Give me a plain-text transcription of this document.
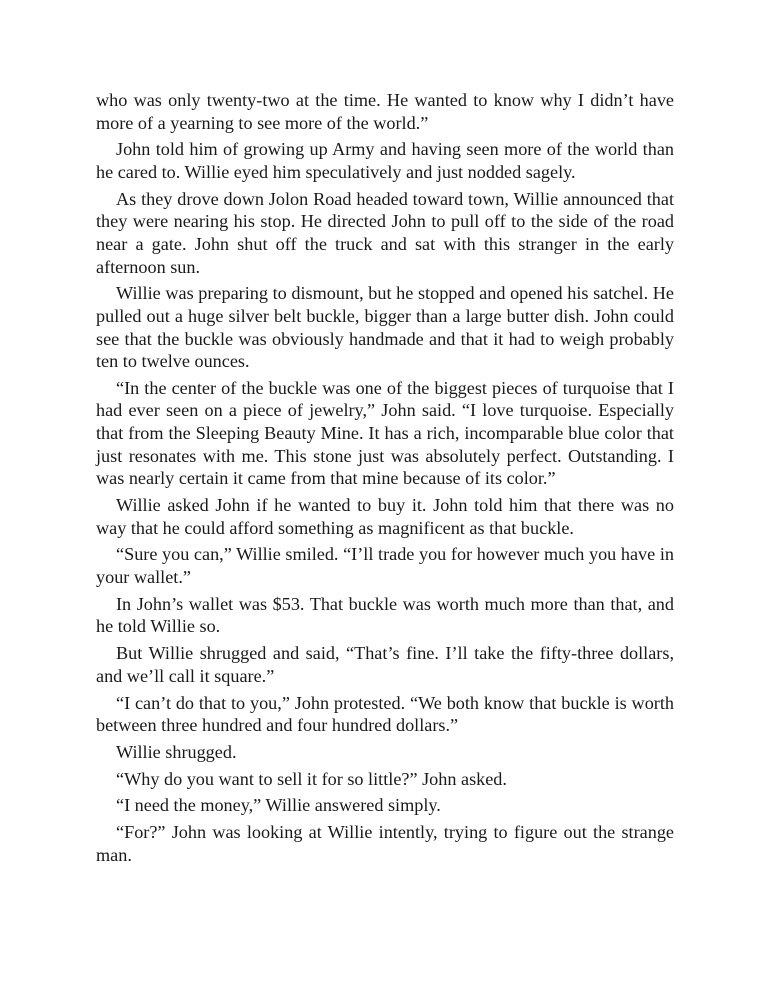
who was only twenty-two at the time. He wanted to know why I didn’t have more of a yearning to see more of the world.”

John told him of growing up Army and having seen more of the world than he cared to. Willie eyed him speculatively and just nodded sagely.

As they drove down Jolon Road headed toward town, Willie announced that they were nearing his stop. He directed John to pull off to the side of the road near a gate. John shut off the truck and sat with this stranger in the early afternoon sun.

Willie was preparing to dismount, but he stopped and opened his satchel. He pulled out a huge silver belt buckle, bigger than a large butter dish. John could see that the buckle was obviously handmade and that it had to weigh probably ten to twelve ounces.

“In the center of the buckle was one of the biggest pieces of turquoise that I had ever seen on a piece of jewelry,” John said. “I love turquoise. Especially that from the Sleeping Beauty Mine. It has a rich, incomparable blue color that just resonates with me. This stone just was absolutely perfect. Outstanding. I was nearly certain it came from that mine because of its color.”

Willie asked John if he wanted to buy it. John told him that there was no way that he could afford something as magnificent as that buckle.

“Sure you can,” Willie smiled. “I’ll trade you for however much you have in your wallet.”

In John’s wallet was $53. That buckle was worth much more than that, and he told Willie so.

But Willie shrugged and said, “That’s fine. I’ll take the fifty-three dollars, and we’ll call it square.”

“I can’t do that to you,” John protested. “We both know that buckle is worth between three hundred and four hundred dollars.”

Willie shrugged.

“Why do you want to sell it for so little?” John asked.

“I need the money,” Willie answered simply.

“For?” John was looking at Willie intently, trying to figure out the strange man.
